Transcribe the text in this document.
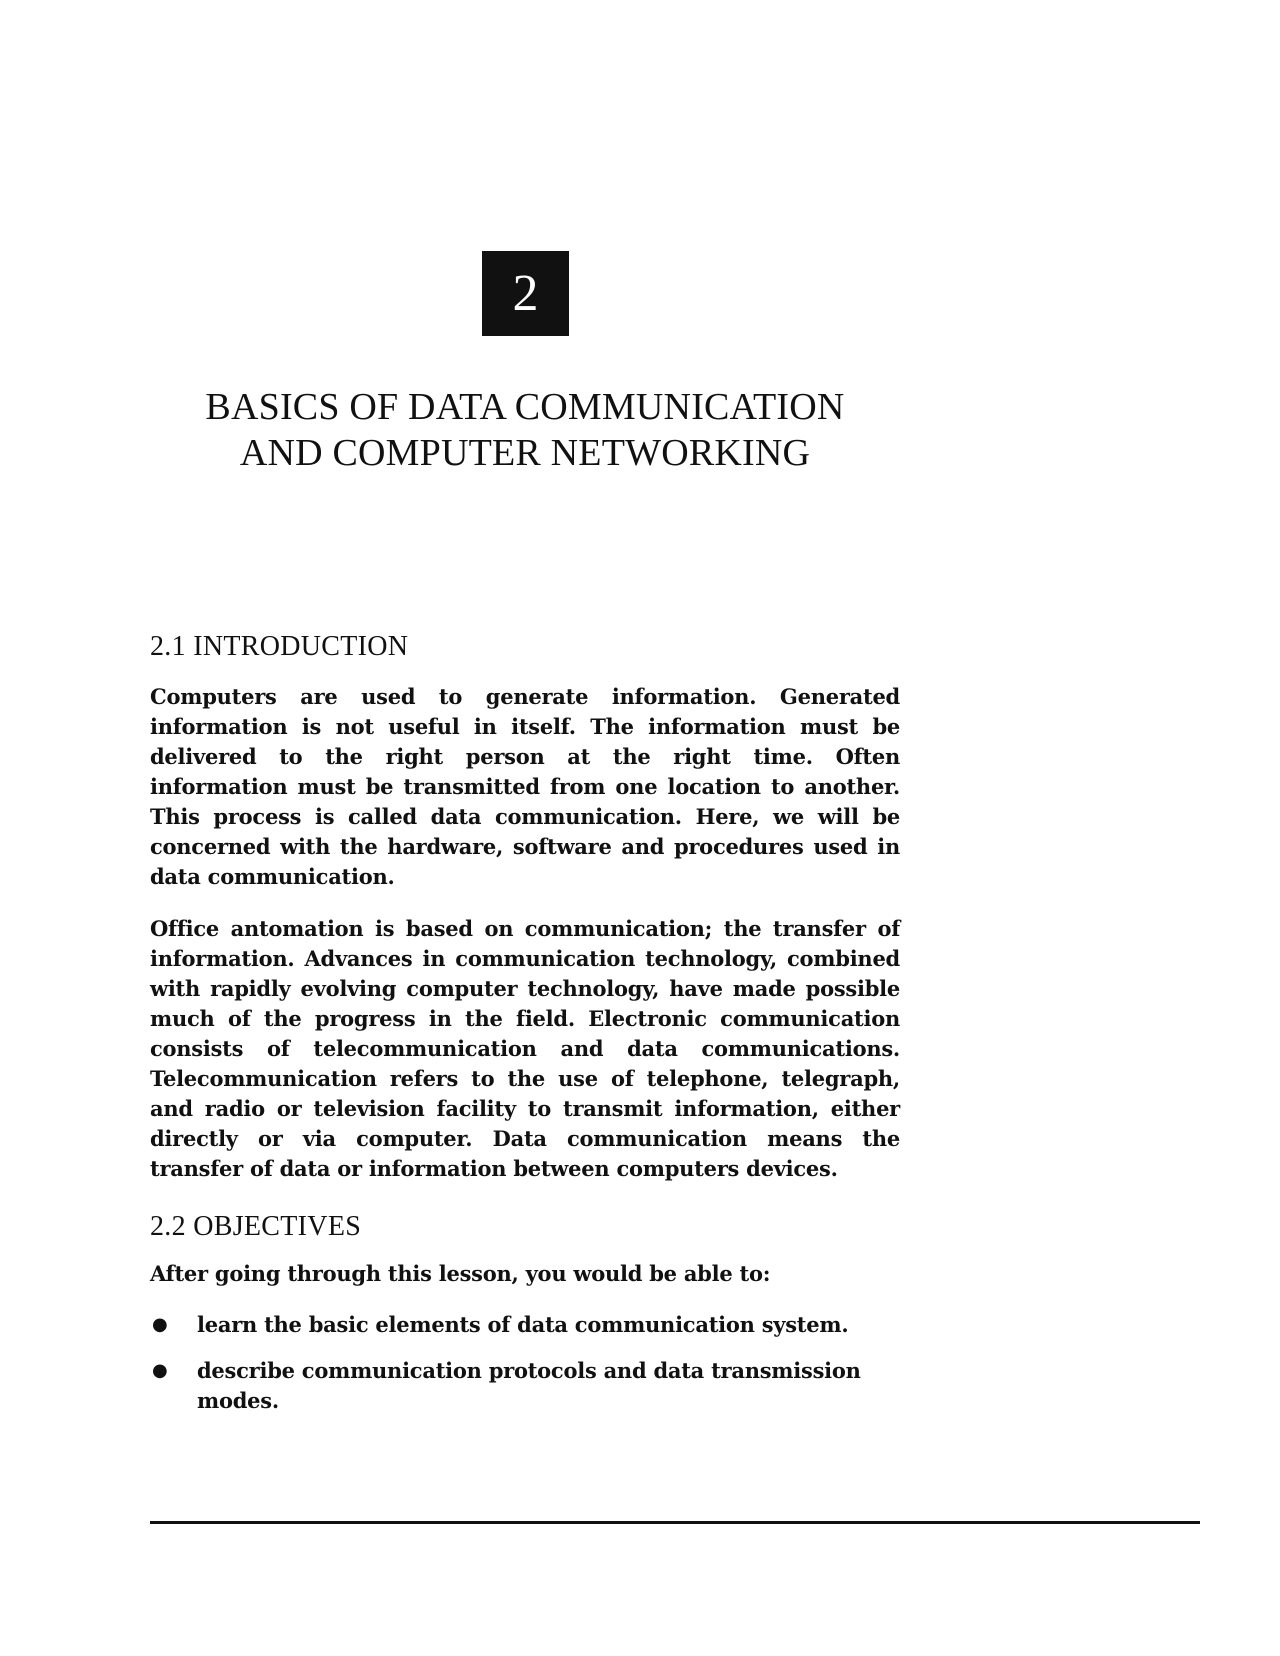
2
BASICS OF DATA COMMUNICATION
AND COMPUTER NETWORKING
2.1 INTRODUCTION

Computers are used to generate information. Generated information is not useful in itself. The information must be delivered to the right person at the right time. Often information must be transmitted from one location to another. This process is called data communication. Here, we will be concerned with the hardware, software and procedures used in data communication.

Office antomation is based on communication; the transfer of information. Advances in communication technology, combined with rapidly evolving computer technology, have made possible much of the progress in the field. Electronic communication consists of telecommunication and data communications. Telecommunication refers to the use of telephone, telegraph, and radio or television facility to transmit information, either directly or via computer. Data communication means the transfer of data or information between computers devices.

2.2 OBJECTIVES

After going through this lesson, you would be able to:

● learn the basic elements of data communication system.
● describe communication protocols and data transmission modes.
